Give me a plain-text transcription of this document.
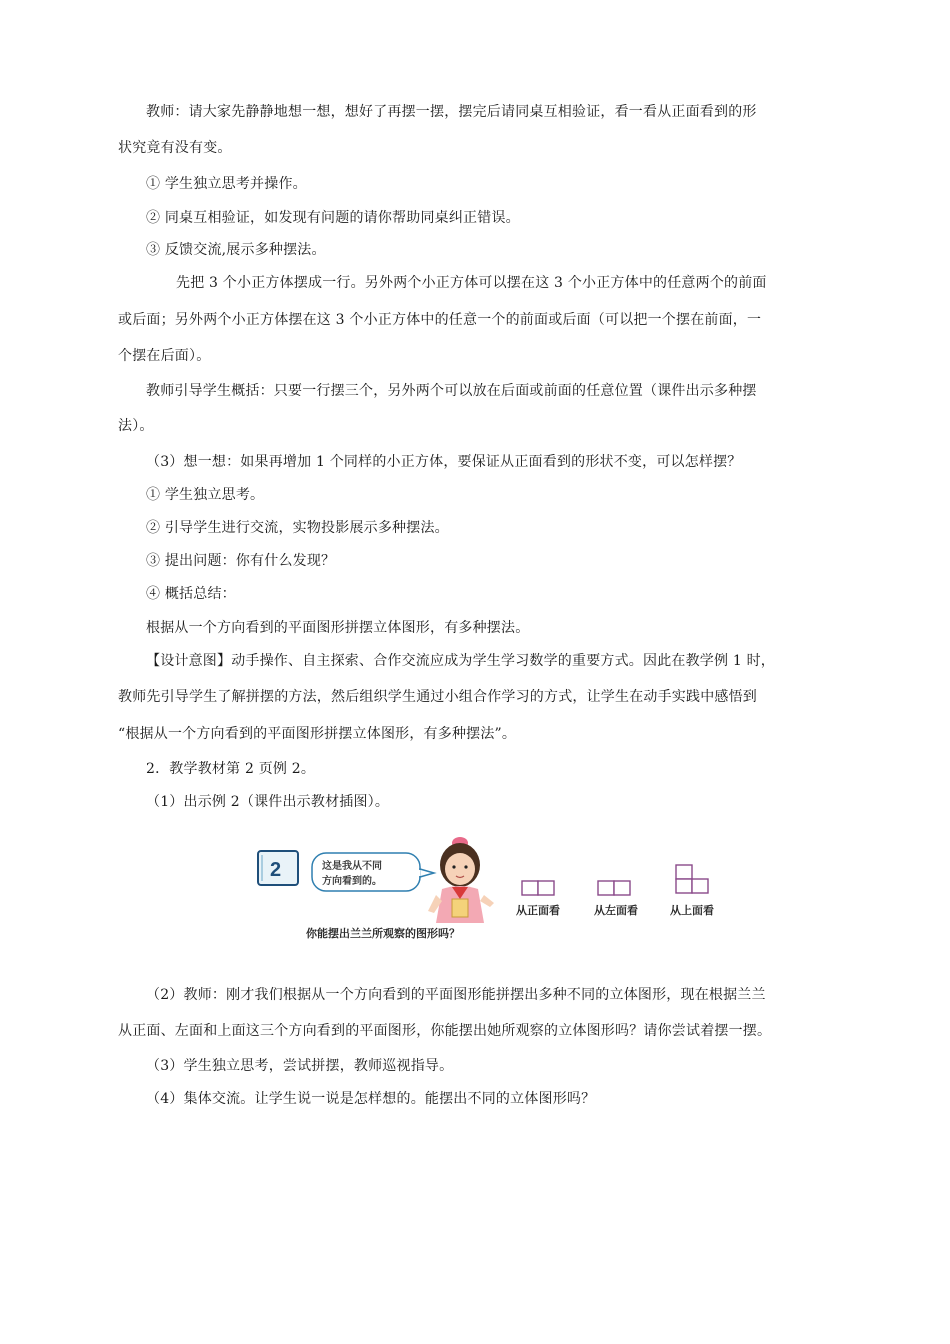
教师：请大家先静静地想一想，想好了再摆一摆，摆完后请同桌互相验证，看一看从正面看到的形
状究竟有没有变。
① 学生独立思考并操作。
② 同桌互相验证，如发现有问题的请你帮助同桌纠正错误。
③ 反馈交流,展示多种摆法。
先把 3 个小正方体摆成一行。另外两个小正方体可以摆在这 3 个小正方体中的任意两个的前面
或后面；另外两个小正方体摆在这 3 个小正方体中的任意一个的前面或后面（可以把一个摆在前面，一
个摆在后面）。
教师引导学生概括：只要一行摆三个，另外两个可以放在后面或前面的任意位置（课件出示多种摆
法）。
（3）想一想：如果再增加 1 个同样的小正方体，要保证从正面看到的形状不变，可以怎样摆？
① 学生独立思考。
② 引导学生进行交流，实物投影展示多种摆法。
③ 提出问题：你有什么发现？
④ 概括总结：
根据从一个方向看到的平面图形拼摆立体图形，有多种摆法。
【设计意图】动手操作、自主探索、合作交流应成为学生学习数学的重要方式。因此在教学例 1 时，
教师先引导学生了解拼摆的方法，然后组织学生通过小组合作学习的方式，让学生在动手实践中感悟到
“根据从一个方向看到的平面图形拼摆立体图形，有多种摆法”。
2．教学教材第 2 页例 2。
（1）出示例 2（课件出示教材插图）。
2	这是我从不同
方向看到的。
从正面看	从左面看	从上面看
你能摆出兰兰所观察的图形吗？
（2）教师：刚才我们根据从一个方向看到的平面图形能拼摆出多种不同的立体图形，现在根据兰兰
从正面、左面和上面这三个方向看到的平面图形，你能摆出她所观察的立体图形吗？请你尝试着摆一摆。
（3）学生独立思考，尝试拼摆，教师巡视指导。
（4）集体交流。让学生说一说是怎样想的。能摆出不同的立体图形吗？
